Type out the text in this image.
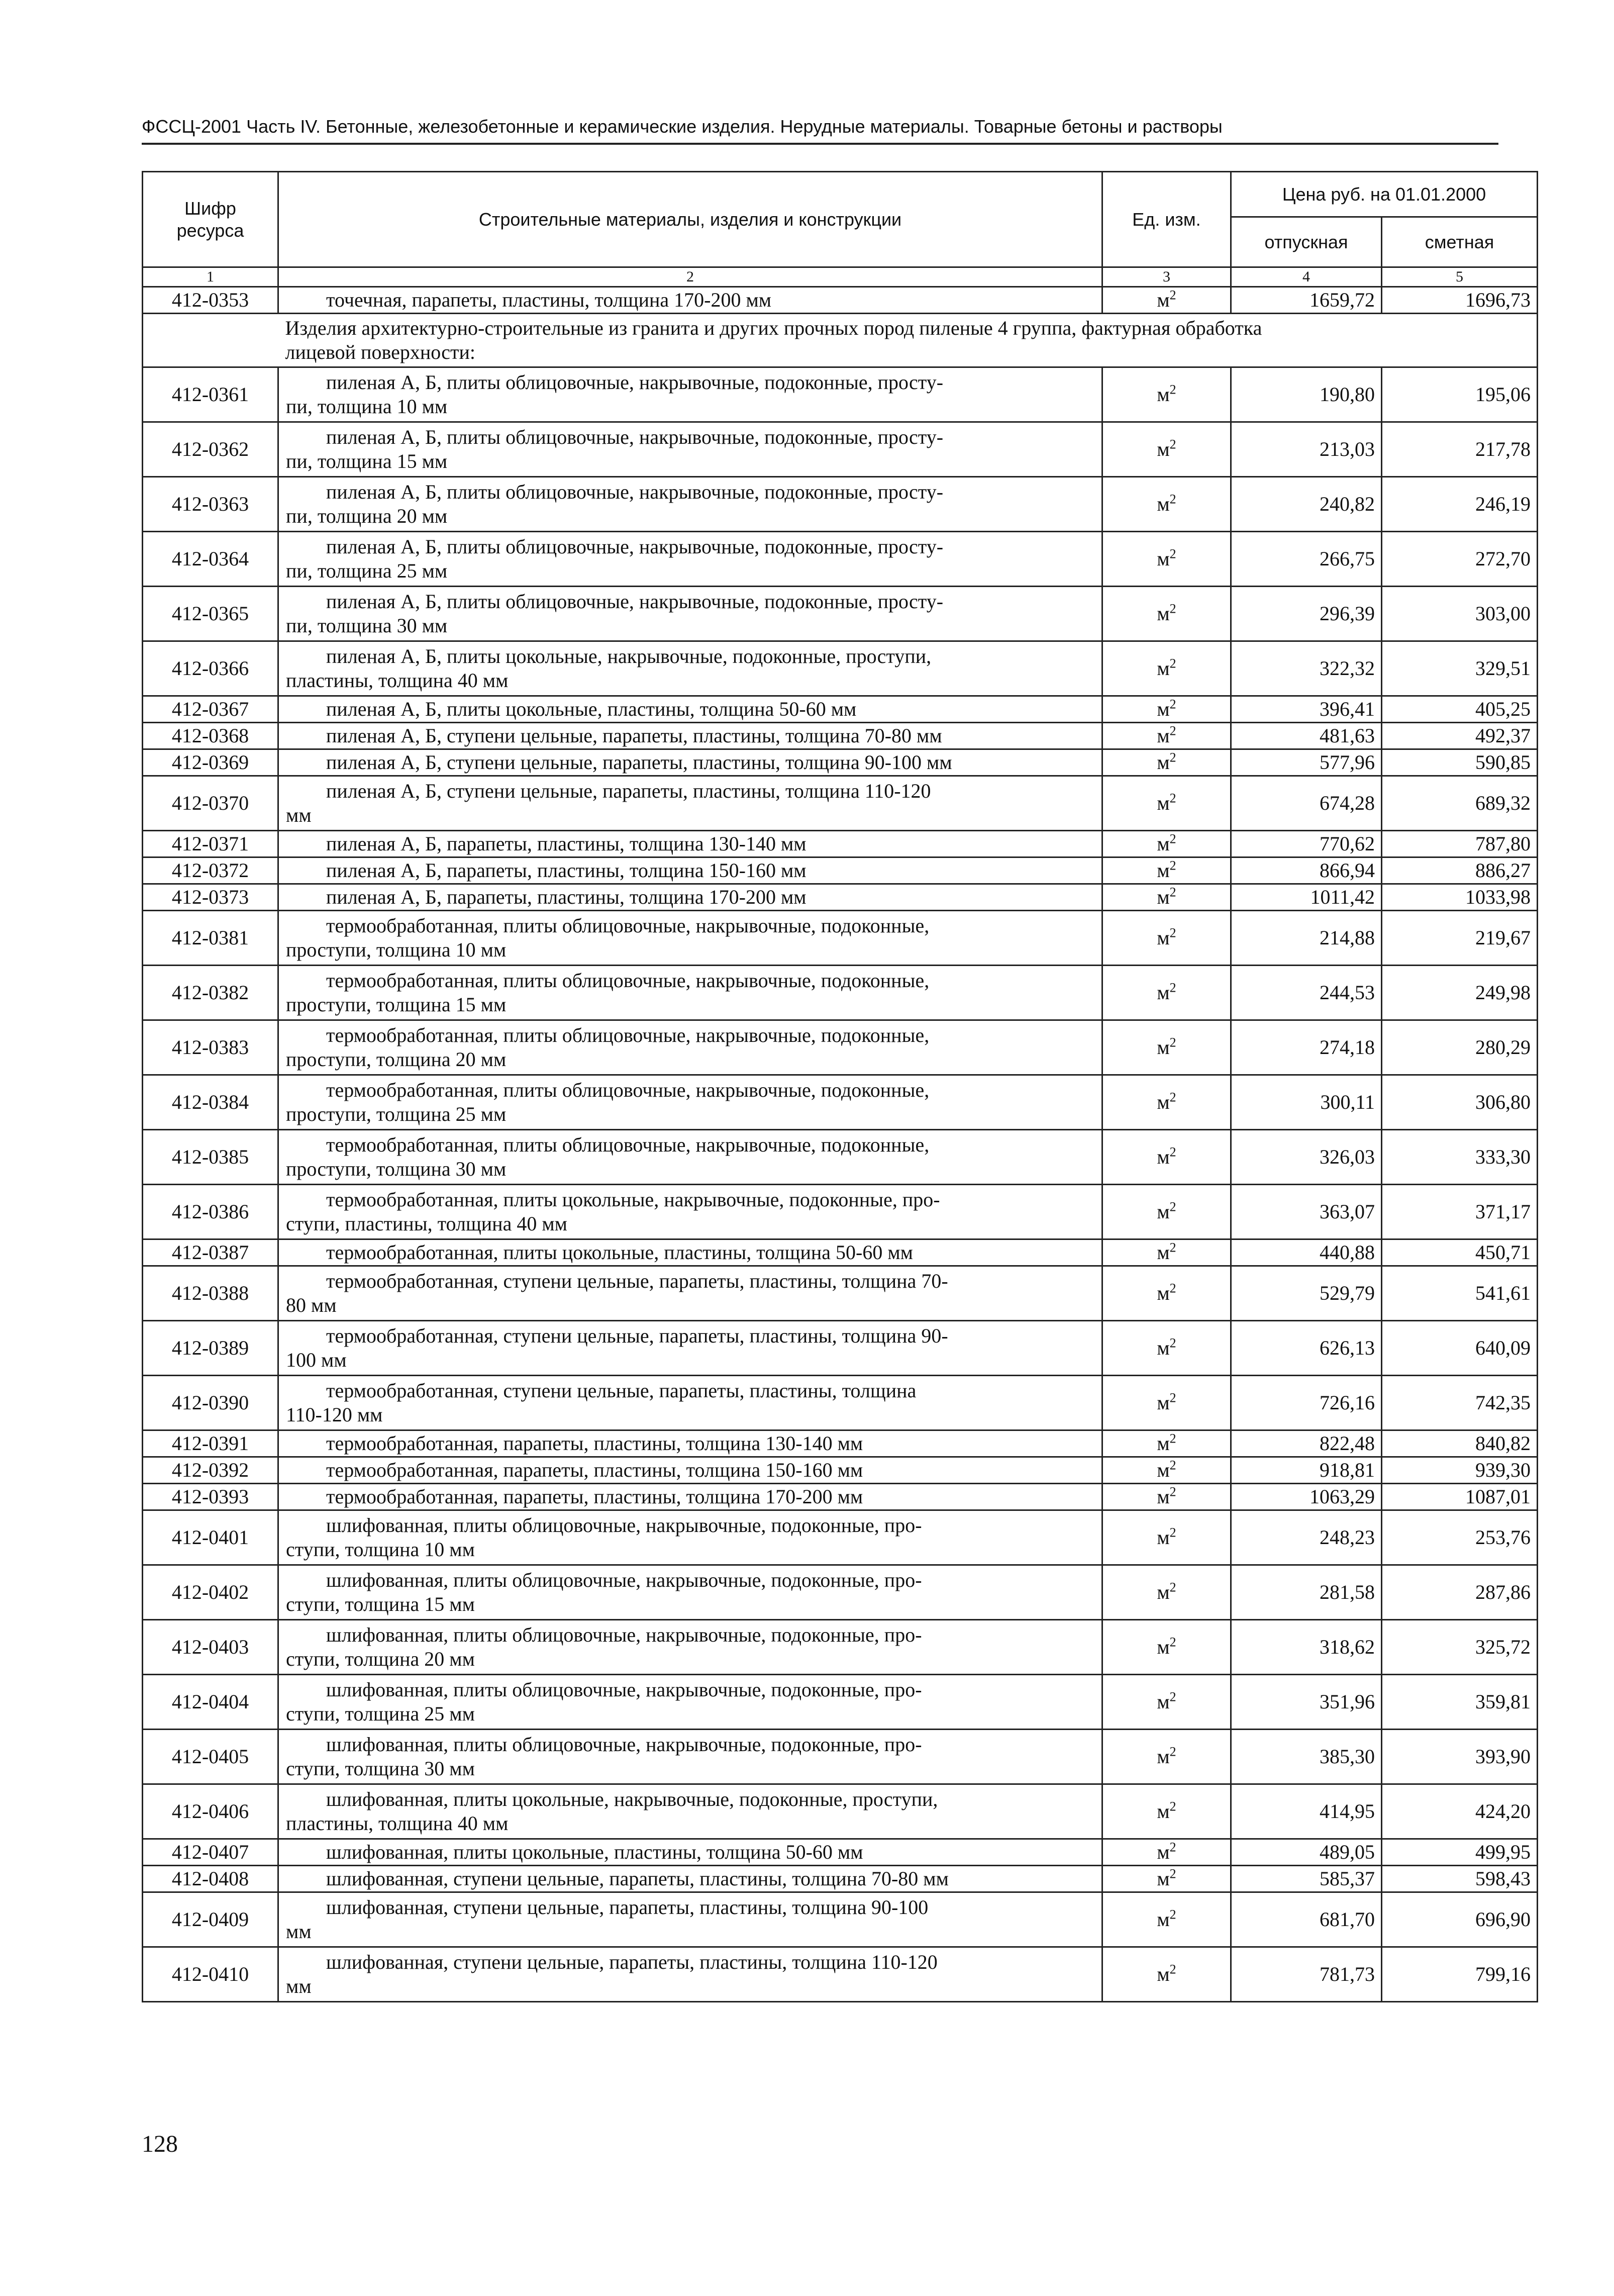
ФССЦ-2001 Часть IV. Бетонные, железобетонные и керамические изделия. Нерудные материалы. Товарные бетоны и растворы
Шифр ресурса	Строительные материалы, изделия и конструкции	Ед. изм.	Цена руб. на 01.01.2000	
			отпускная	сметная
1	2	3	4	5
412-0353	точечная, парапеты, пластины, толщина 170-200 мм	$м^2$	1659,72	1696,73

	Изделия архитектурно-строительные из гранита и других прочных пород пиленые 4 группа, фактурная обработка
лицевой поверхности:			

412-0361	пиленая А, Б, плиты облицовочные, накрывочные, подоконные, просту-
пи, толщина 10 мм	$м^2$	190,80	195,06
412-0362	пиленая А, Б, плиты облицовочные, накрывочные, подоконные, просту-
пи, толщина 15 мм	$м^2$	213,03	217,78
412-0363	пиленая А, Б, плиты облицовочные, накрывочные, подоконные, просту-
пи, толщина 20 мм	$м^2$	240,82	246,19
412-0364	пиленая А, Б, плиты облицовочные, накрывочные, подоконные, просту-
пи, толщина 25 мм	$м^2$	266,75	272,70
412-0365	пиленая А, Б, плиты облицовочные, накрывочные, подоконные, просту-
пи, толщина 30 мм	$м^2$	296,39	303,00
412-0366	пиленая А, Б, плиты цокольные, накрывочные, подоконные, проступи,
пластины, толщина 40 мм	$м^2$	322,32	329,51
412-0367	пиленая А, Б, плиты цокольные, пластины, толщина 50-60 мм	$м^2$	396,41	405,25
412-0368	пиленая А, Б, ступени цельные, парапеты, пластины, толщина 70-80 мм	$м^2$	481,63	492,37
412-0369	пиленая А, Б, ступени цельные, парапеты, пластины, толщина 90-100 мм	$м^2$	577,96	590,85
412-0370	пиленая А, Б, ступени цельные, парапеты, пластины, толщина 110-120
мм	$м^2$	674,28	689,32
412-0371	пиленая А, Б, парапеты, пластины, толщина 130-140 мм	$м^2$	770,62	787,80
412-0372	пиленая А, Б, парапеты, пластины, толщина 150-160 мм	$м^2$	866,94	886,27
412-0373	пиленая А, Б, парапеты, пластины, толщина 170-200 мм	$м^2$	1011,42	1033,98
412-0381	термообработанная, плиты облицовочные, накрывочные, подоконные,
проступи, толщина 10 мм	$м^2$	214,88	219,67
412-0382	термообработанная, плиты облицовочные, накрывочные, подоконные,
проступи, толщина 15 мм	$м^2$	244,53	249,98
412-0383	термообработанная, плиты облицовочные, накрывочные, подоконные,
проступи, толщина 20 мм	$м^2$	274,18	280,29
412-0384	термообработанная, плиты облицовочные, накрывочные, подоконные,
проступи, толщина 25 мм	$м^2$	300,11	306,80
412-0385	термообработанная, плиты облицовочные, накрывочные, подоконные,
проступи, толщина 30 мм	$м^2$	326,03	333,30
412-0386	термообработанная, плиты цокольные, накрывочные, подоконные, про-
ступи, пластины, толщина 40 мм	$м^2$	363,07	371,17
412-0387	термообработанная, плиты цокольные, пластины, толщина 50-60 мм	$м^2$	440,88	450,71
412-0388	термообработанная, ступени цельные, парапеты, пластины, толщина 70-
80 мм	$м^2$	529,79	541,61
412-0389	термообработанная, ступени цельные, парапеты, пластины, толщина 90-
100 мм	$м^2$	626,13	640,09
412-0390	термообработанная, ступени цельные, парапеты, пластины, толщина
110-120 мм	$м^2$	726,16	742,35
412-0391	термообработанная, парапеты, пластины, толщина 130-140 мм	$м^2$	822,48	840,82
412-0392	термообработанная, парапеты, пластины, толщина 150-160 мм	$м^2$	918,81	939,30
412-0393	термообработанная, парапеты, пластины, толщина 170-200 мм	$м^2$	1063,29	1087,01
412-0401	шлифованная, плиты облицовочные, накрывочные, подоконные, про-
ступи, толщина 10 мм	$м^2$	248,23	253,76
412-0402	шлифованная, плиты облицовочные, накрывочные, подоконные, про-
ступи, толщина 15 мм	$м^2$	281,58	287,86
412-0403	шлифованная, плиты облицовочные, накрывочные, подоконные, про-
ступи, толщина 20 мм	$м^2$	318,62	325,72
412-0404	шлифованная, плиты облицовочные, накрывочные, подоконные, про-
ступи, толщина 25 мм	$м^2$	351,96	359,81
412-0405	шлифованная, плиты облицовочные, накрывочные, подоконные, про-
ступи, толщина 30 мм	$м^2$	385,30	393,90
412-0406	шлифованная, плиты цокольные, накрывочные, подоконные, проступи,
пластины, толщина 40 мм	$м^2$	414,95	424,20
412-0407	шлифованная, плиты цокольные, пластины, толщина 50-60 мм	$м^2$	489,05	499,95
412-0408	шлифованная, ступени цельные, парапеты, пластины, толщина 70-80 мм	$м^2$	585,37	598,43
412-0409	шлифованная, ступени цельные, парапеты, пластины, толщина 90-100
мм	$м^2$	681,70	696,90
412-0410	шлифованная, ступени цельные, парапеты, пластины, толщина 110-120
мм	$м^2$	781,73	799,16
128
